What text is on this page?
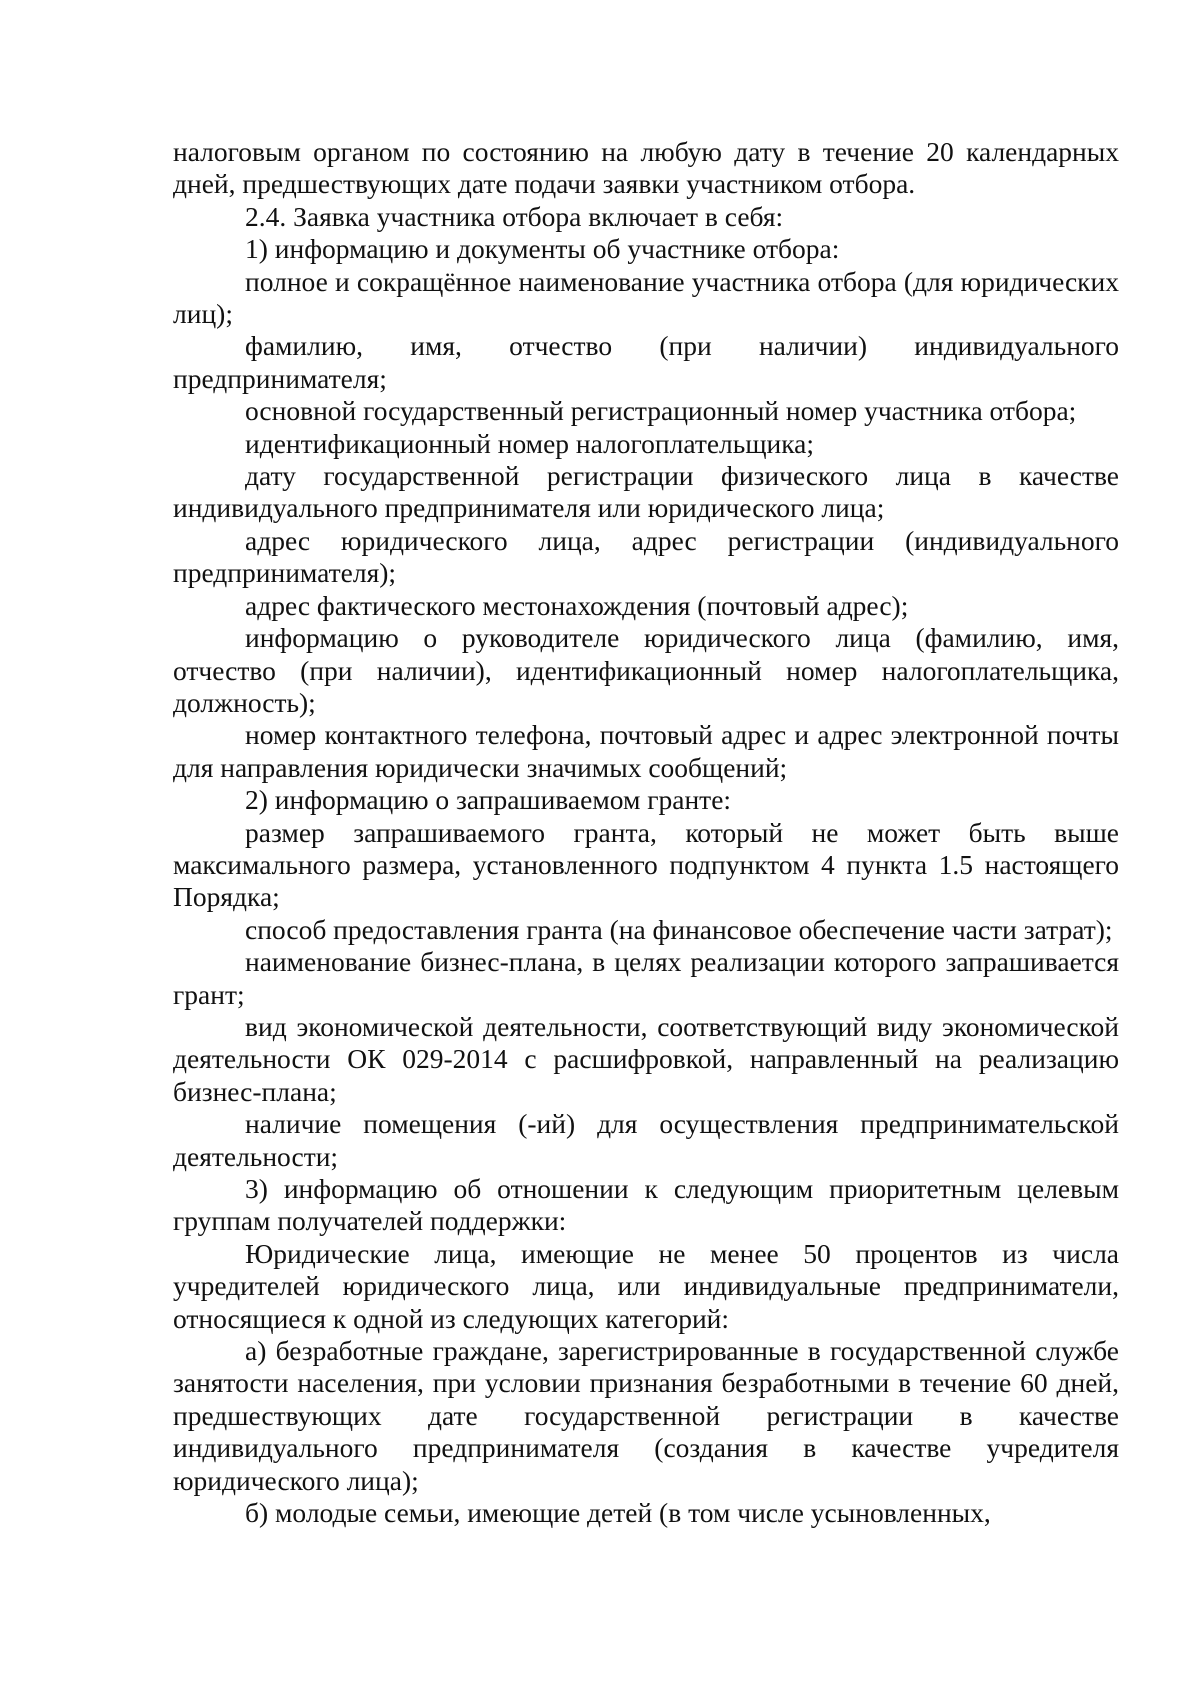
налоговым органом по состоянию на любую дату в течение 20 календарных дней, предшествующих дате подачи заявки участником отбора.

2.4. Заявка участника отбора включает в себя:

1) информацию и документы об участнике отбора:

полное и сокращённое наименование участника отбора (для юридических лиц);

фамилию, имя, отчество (при наличии) индивидуального предпринимателя;

основной государственный регистрационный номер участника отбора;

идентификационный номер налогоплательщика;

дату государственной регистрации физического лица в качестве индивидуального предпринимателя или юридического лица;

адрес юридического лица, адрес регистрации (индивидуального предпринимателя);

адрес фактического местонахождения (почтовый адрес);

информацию о руководителе юридического лица (фамилию, имя, отчество (при наличии), идентификационный номер налогоплательщика, должность);

номер контактного телефона, почтовый адрес и адрес электронной почты для направления юридически значимых сообщений;

2) информацию о запрашиваемом гранте:

размер запрашиваемого гранта, который не может быть выше максимального размера, установленного подпунктом 4 пункта 1.5 настоящего Порядка;

способ предоставления гранта (на финансовое обеспечение части затрат);

наименование бизнес-плана, в целях реализации которого запрашивается грант;

вид экономической деятельности, соответствующий виду экономической деятельности ОК 029-2014 с расшифровкой, направленный на реализацию бизнес-плана;

наличие помещения (-ий) для осуществления предпринимательской деятельности;

3) информацию об отношении к следующим приоритетным целевым группам получателей поддержки:

Юридические лица, имеющие не менее 50 процентов из числа учредителей юридического лица, или индивидуальные предприниматели, относящиеся к одной из следующих категорий:

а) безработные граждане, зарегистрированные в государственной службе занятости населения, при условии признания безработными в течение 60 дней, предшествующих дате государственной регистрации в качестве индивидуального предпринимателя (создания в качестве учредителя юридического лица);

б) молодые семьи, имеющие детей (в том числе усыновленных,
